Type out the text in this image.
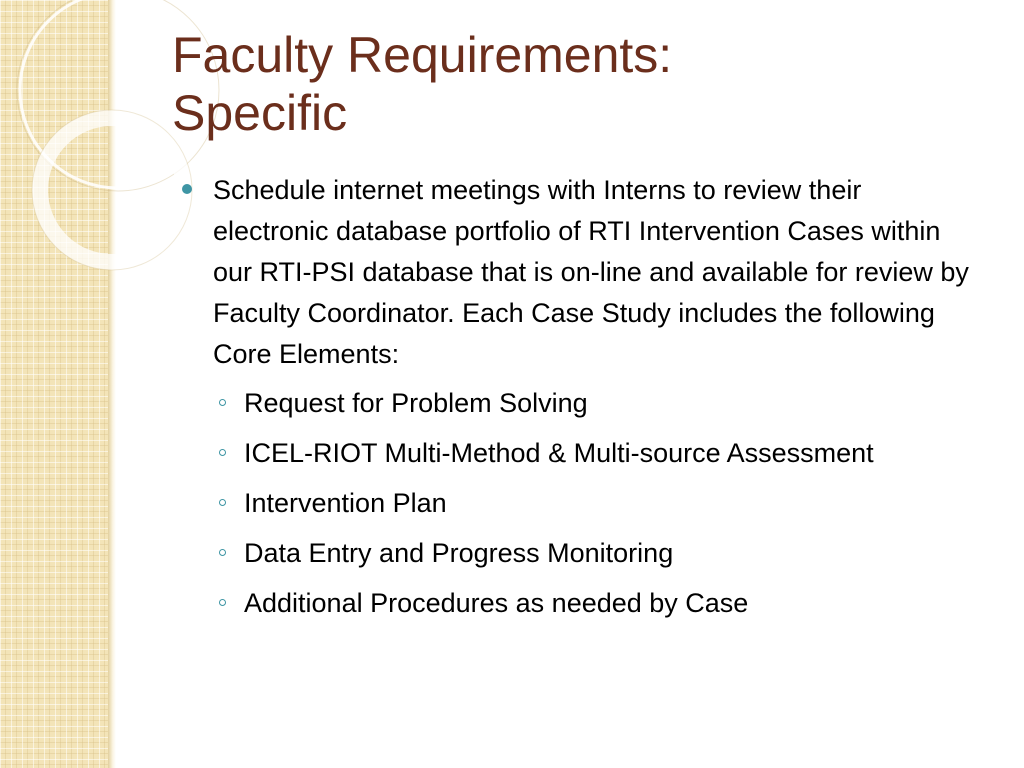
Faculty Requirements:
Specific
Schedule internet meetings with Interns to review their electronic database portfolio of RTI Intervention Cases within our RTI-PSI database that is on-line and available for review by Faculty Coordinator. Each Case Study includes the following Core Elements:
Request for Problem Solving
ICEL-RIOT Multi-Method & Multi-source Assessment
Intervention Plan
Data Entry and Progress Monitoring
Additional Procedures as needed by Case
